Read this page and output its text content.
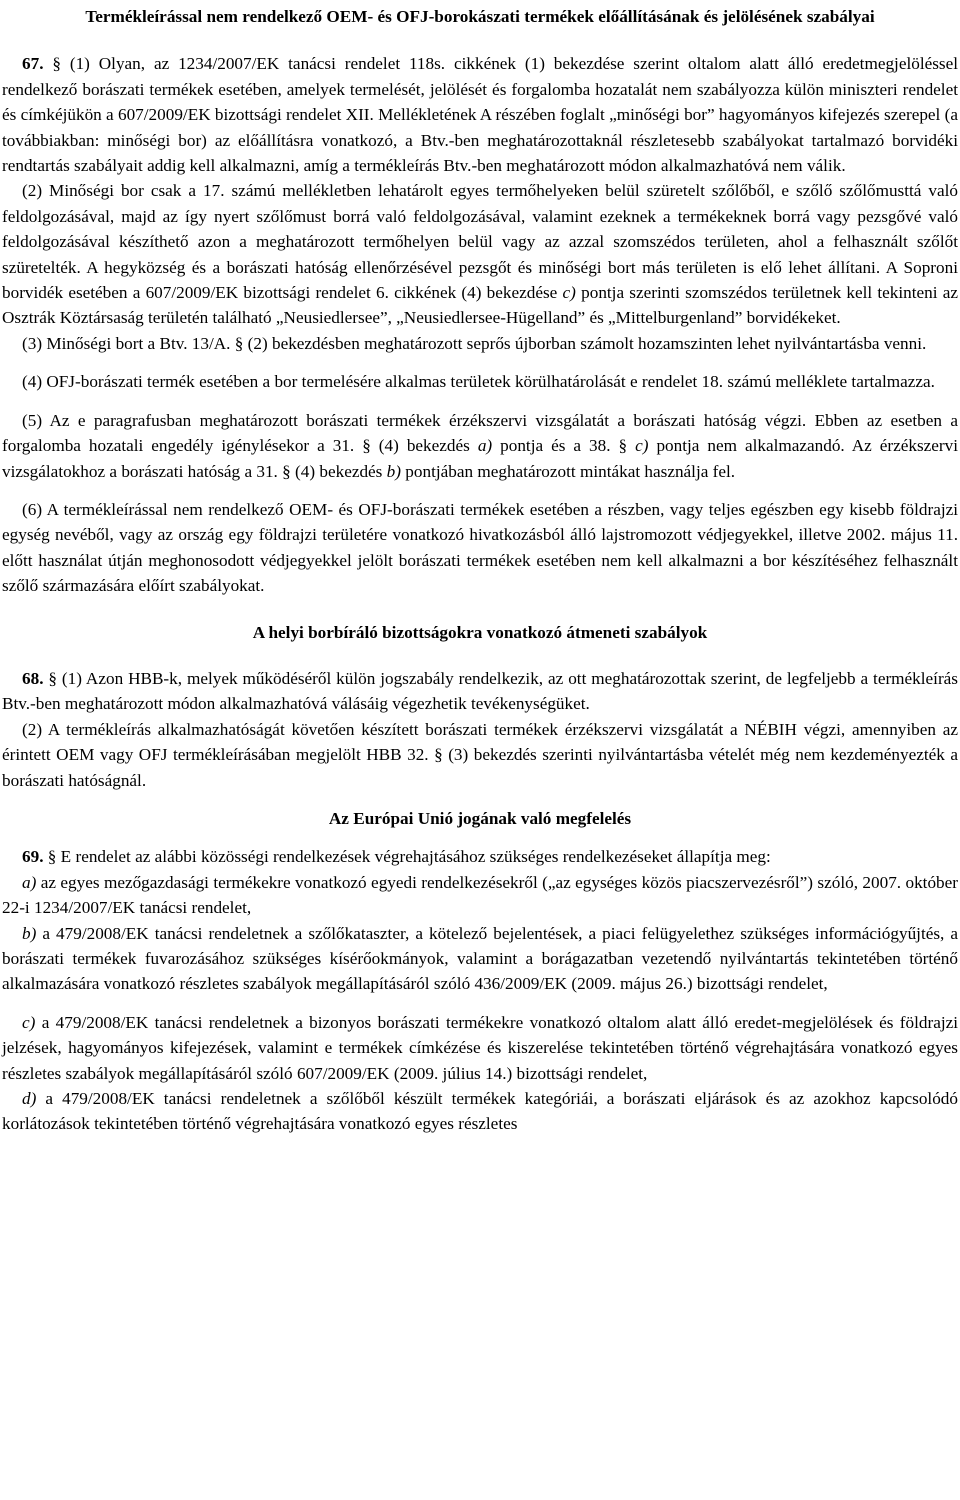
Termékleírással nem rendelkező OEM- és OFJ-borokászati termékek előállításának és jelölésének szabályai

67. § (1) Olyan, az 1234/2007/EK tanácsi rendelet 118s. cikkének (1) bekezdése szerint oltalom alatt álló eredetmegjelöléssel rendelkező borászati termékek esetében, amelyek termelését, jelölését és forgalomba hozatalát nem szabályozza külön miniszteri rendelet és címkéjükön a 607/2009/EK bizottsági rendelet XII. Mellékletének A részében foglalt „minőségi bor” hagyományos kifejezés szerepel (a továbbiakban: minőségi bor) az előállításra vonatkozó, a Btv.-ben meghatározottaknál részletesebb szabályokat tartalmazó borvidéki rendtartás szabályait addig kell alkalmazni, amíg a termékleírás Btv.-ben meghatározott módon alkalmazhatóvá nem válik.

(2) Minőségi bor csak a 17. számú mellékletben lehatárolt egyes termőhelyeken belül szüretelt szőlőből, e szőlő szőlőmusttá való feldolgozásával, majd az így nyert szőlőmust borrá való feldolgozásával, valamint ezeknek a termékeknek borrá vagy pezsgővé való feldolgozásával készíthető azon a meghatározott termőhelyen belül vagy az azzal szomszédos területen, ahol a felhasznált szőlőt szüretelték. A hegyközség és a borászati hatóság ellenőrzésével pezsgőt és minőségi bort más területen is elő lehet állítani. A Soproni borvidék esetében a 607/2009/EK bizottsági rendelet 6. cikkének (4) bekezdése c) pontja szerinti szomszédos területnek kell tekinteni az Osztrák Köztársaság területén található „Neusiedlersee”, „Neusiedlersee-Hügelland” és „Mittelburgenland” borvidékeket.

(3) Minőségi bort a Btv. 13/A. § (2) bekezdésben meghatározott seprős újborban számolt hozamszinten lehet nyilvántartásba venni.

(4) OFJ-borászati termék esetében a bor termelésére alkalmas területek körülhatárolását e rendelet 18. számú melléklete tartalmazza.

(5) Az e paragrafusban meghatározott borászati termékek érzékszervi vizsgálatát a borászati hatóság végzi. Ebben az esetben a forgalomba hozatali engedély igénylésekor a 31. § (4) bekezdés a) pontja és a 38. § c) pontja nem alkalmazandó. Az érzékszervi vizsgálatokhoz a borászati hatóság a 31. § (4) bekezdés b) pontjában meghatározott mintákat használja fel.

(6) A termékleírással nem rendelkező OEM- és OFJ-borászati termékek esetében a részben, vagy teljes egészben egy kisebb földrajzi egység nevéből, vagy az ország egy földrajzi területére vonatkozó hivatkozásból álló lajstromozott védjegyekkel, illetve 2002. május 11. előtt használat útján meghonosodott védjegyekkel jelölt borászati termékek esetében nem kell alkalmazni a bor készítéséhez felhasznált szőlő származására előírt szabályokat.

A helyi borbíráló bizottságokra vonatkozó átmeneti szabályok

68. § (1) Azon HBB-k, melyek működéséről külön jogszabály rendelkezik, az ott meghatározottak szerint, de legfeljebb a termékleírás Btv.-ben meghatározott módon alkalmazhatóvá válásáig végezhetik tevékenységüket.

(2) A termékleírás alkalmazhatóságát követően készített borászati termékek érzékszervi vizsgálatát a NÉBIH végzi, amennyiben az érintett OEM vagy OFJ termékleírásában megjelölt HBB 32. § (3) bekezdés szerinti nyilvántartásba vételét még nem kezdeményezték a borászati hatóságnál.

Az Európai Unió jogának való megfelelés

69. § E rendelet az alábbi közösségi rendelkezések végrehajtásához szükséges rendelkezéseket állapítja meg:

a) az egyes mezőgazdasági termékekre vonatkozó egyedi rendelkezésekről („az egységes közös piacszervezésről”) szóló, 2007. október 22-i 1234/2007/EK tanácsi rendelet,

b) a 479/2008/EK tanácsi rendeletnek a szőlőkataszter, a kötelező bejelentések, a piaci felügyelethez szükséges információgyűjtés, a borászati termékek fuvarozásához szükséges kísérőokmányok, valamint a borágazatban vezetendő nyilvántartás tekintetében történő alkalmazására vonatkozó részletes szabályok megállapításáról szóló 436/2009/EK (2009. május 26.) bizottsági rendelet,

c) a 479/2008/EK tanácsi rendeletnek a bizonyos borászati termékekre vonatkozó oltalom alatt álló eredet-megjelölések és földrajzi jelzések, hagyományos kifejezések, valamint e termékek címkézése és kiszerelése tekintetében történő végrehajtására vonatkozó egyes részletes szabályok megállapításáról szóló 607/2009/EK (2009. július 14.) bizottsági rendelet,

d) a 479/2008/EK tanácsi rendeletnek a szőlőből készült termékek kategóriái, a borászati eljárások és az azokhoz kapcsolódó korlátozások tekintetében történő végrehajtására vonatkozó egyes részletes
